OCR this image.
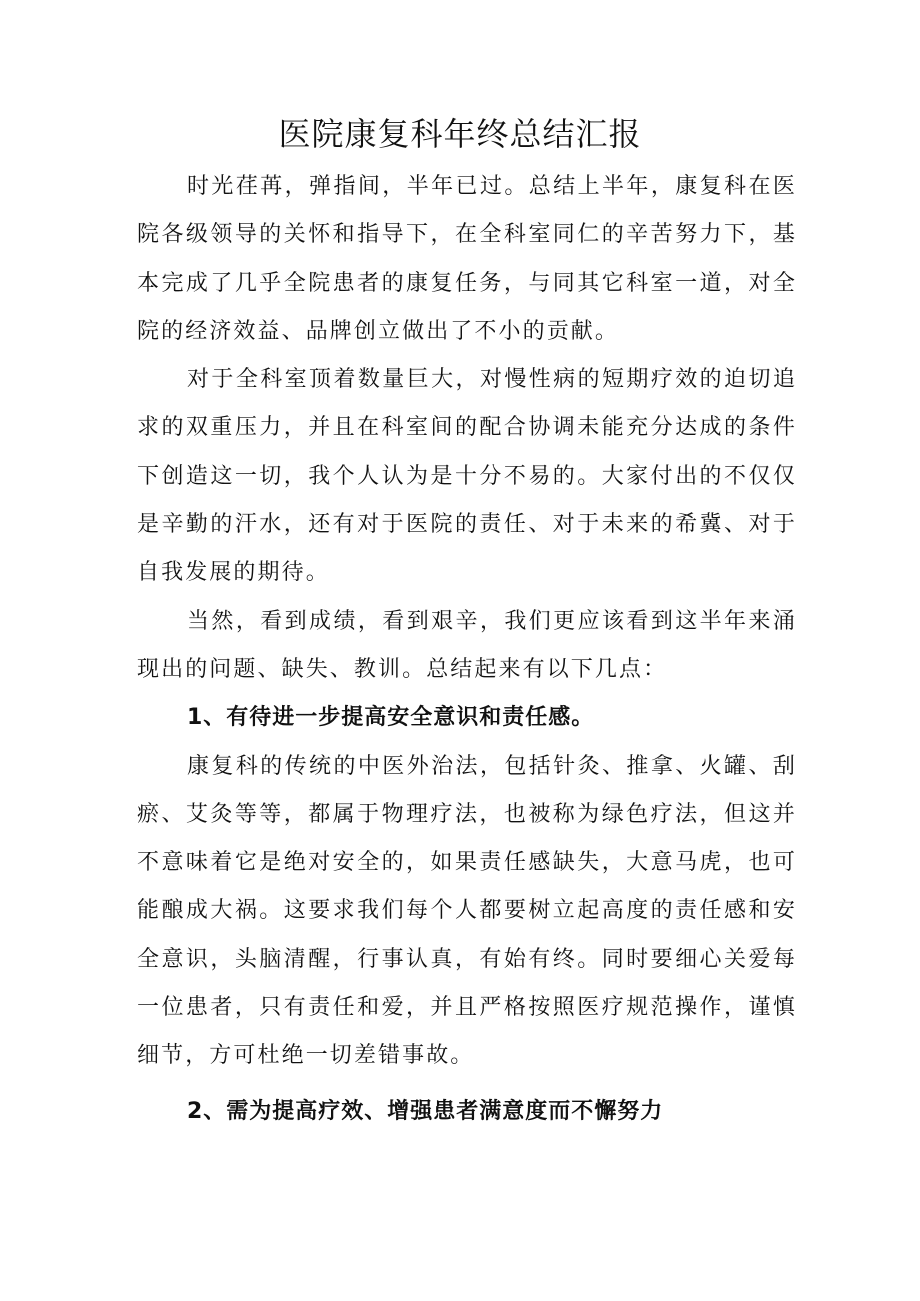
医院康复科年终总结汇报

时光荏苒，弹指间，半年已过。总结上半年，康复科在医院各级领导的关怀和指导下，在全科室同仁的辛苦努力下，基本完成了几乎全院患者的康复任务，与同其它科室一道，对全院的经济效益、品牌创立做出了不小的贡献。

对于全科室顶着数量巨大，对慢性病的短期疗效的迫切追求的双重压力，并且在科室间的配合协调未能充分达成的条件下创造这一切，我个人认为是十分不易的。大家付出的不仅仅是辛勤的汗水，还有对于医院的责任、对于未来的希冀、对于自我发展的期待。

当然，看到成绩，看到艰辛，我们更应该看到这半年来涌现出的问题、缺失、教训。总结起来有以下几点：

1、有待进一步提高安全意识和责任感。

康复科的传统的中医外治法，包括针灸、推拿、火罐、刮瘀、艾灸等等，都属于物理疗法，也被称为绿色疗法，但这并不意味着它是绝对安全的，如果责任感缺失，大意马虎，也可能酿成大祸。这要求我们每个人都要树立起高度的责任感和安全意识，头脑清醒，行事认真，有始有终。同时要细心关爱每一位患者，只有责任和爱，并且严格按照医疗规范操作，谨慎细节，方可杜绝一切差错事故。

2、需为提高疗效、增强患者满意度而不懈努力
